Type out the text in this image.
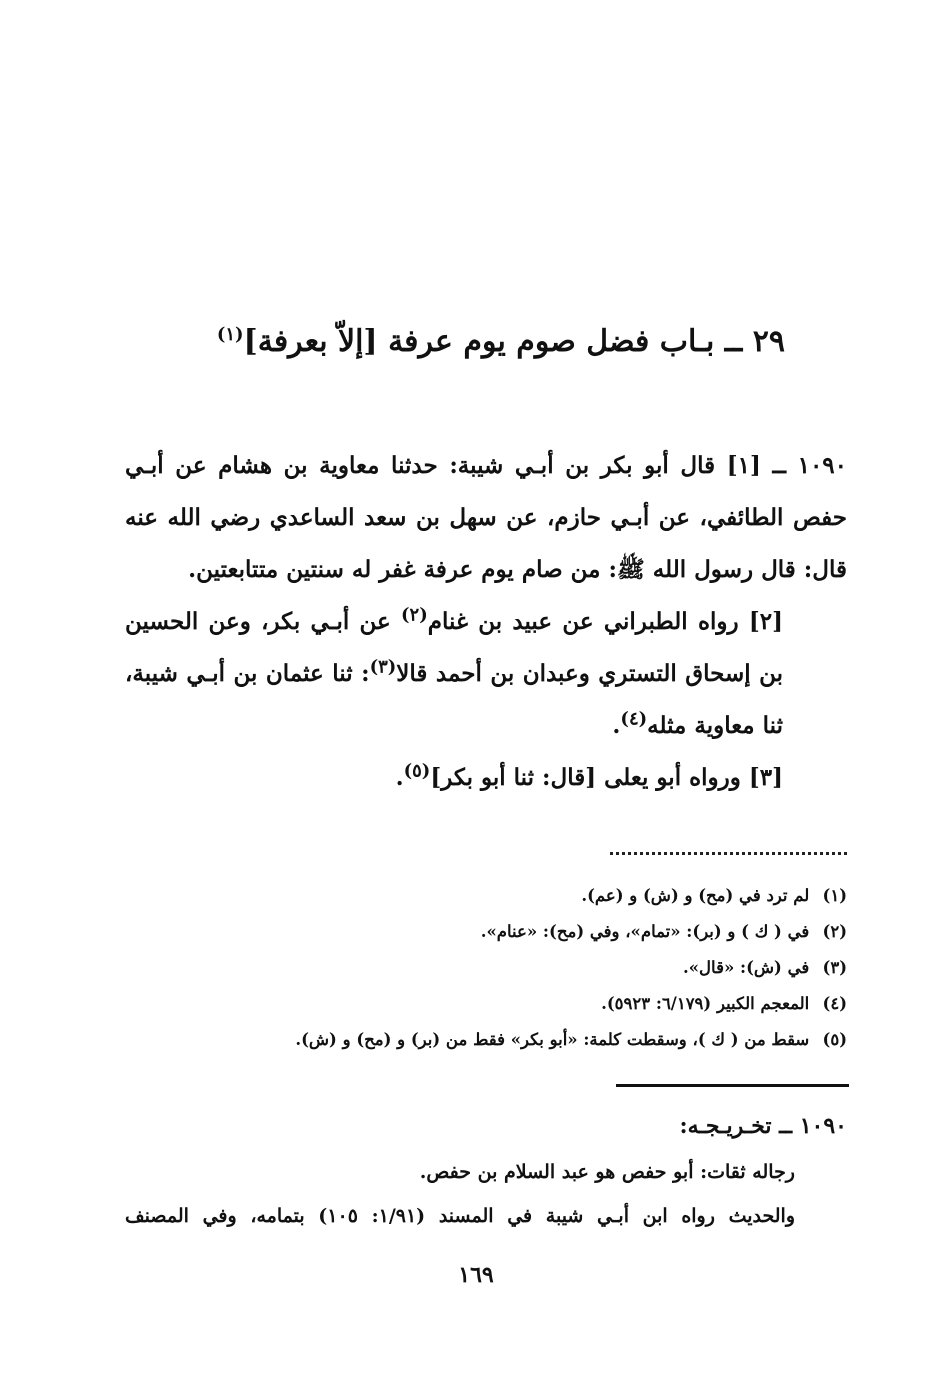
٢٩ ــ بـاب فضل صوم يوم عرفة [إلاّ بعرفة]$^{(١)}$

١٠٩٠ ــ [١] قال أبو بكر بن أبـي شيبة: حدثنا معاوية بن هشام عن أبـي حفص الطائفي، عن أبـي حازم، عن سهل بن سعد الساعدي رضي الله عنه قال: قال رسول الله ﷺ: من صام يوم عرفة غفر له سنتين متتابعتين.

[٢] رواه الطبراني عن عبيد بن غنام$^{(٢)}$ عن أبـي بكر، وعن الحسين بن إسحاق التستري وعبدان بن أحمد قالا$^{(٣)}$: ثنا عثمان بن أبـي شيبة، ثنا معاوية مثله$^{(٤)}$.

[٣] ورواه أبو يعلى [قال: ثنا أبو بكر]$^{(٥)}$.

(١) لم ترد في (مح) و (ش) و (عم).
(٢) في ( ك ) و (بر): «تمام»، وفي (مح): «عنام».
(٣) في (ش): «قال».
(٤) المعجم الكبير (٦/١٧٩: ٥٩٢٣).
(٥) سقط من ( ك )، وسقطت كلمة: «أبو بكر» فقط من (بر) و (مح) و (ش).
١٠٩٠ ــ تخـريـجـه:
رجاله ثقات: أبو حفص هو عبد السلام بن حفص.
والحديث رواه ابن أبـي شيبة في المسند (١/٩١: ١٠٥) بتمامه، وفي المصنف
١٦٩
